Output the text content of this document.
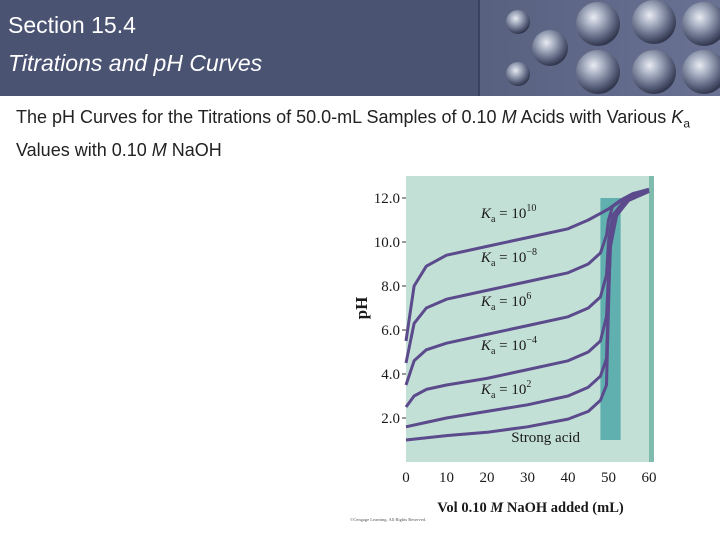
Section 15.4
Titrations and pH Curves
The pH Curves for the Titrations of 50.0-mL Samples of 0.10 M Acids with Various $K_a$ Values with 0.10 M NaOH
$K_a = 10^{10}$
$K_a = 10^{-8}$
$K_a = 10^6$
$K_a = 10^{-4}$
$K_a = 10^2$
Strong acid
2.0
4.0
6.0
8.0
10.0
12.0
0 10 20 30 40 50 60
pH
Vol 0.10 M NaOH added (mL)
©Cengage Learning. All Rights Reserved.
